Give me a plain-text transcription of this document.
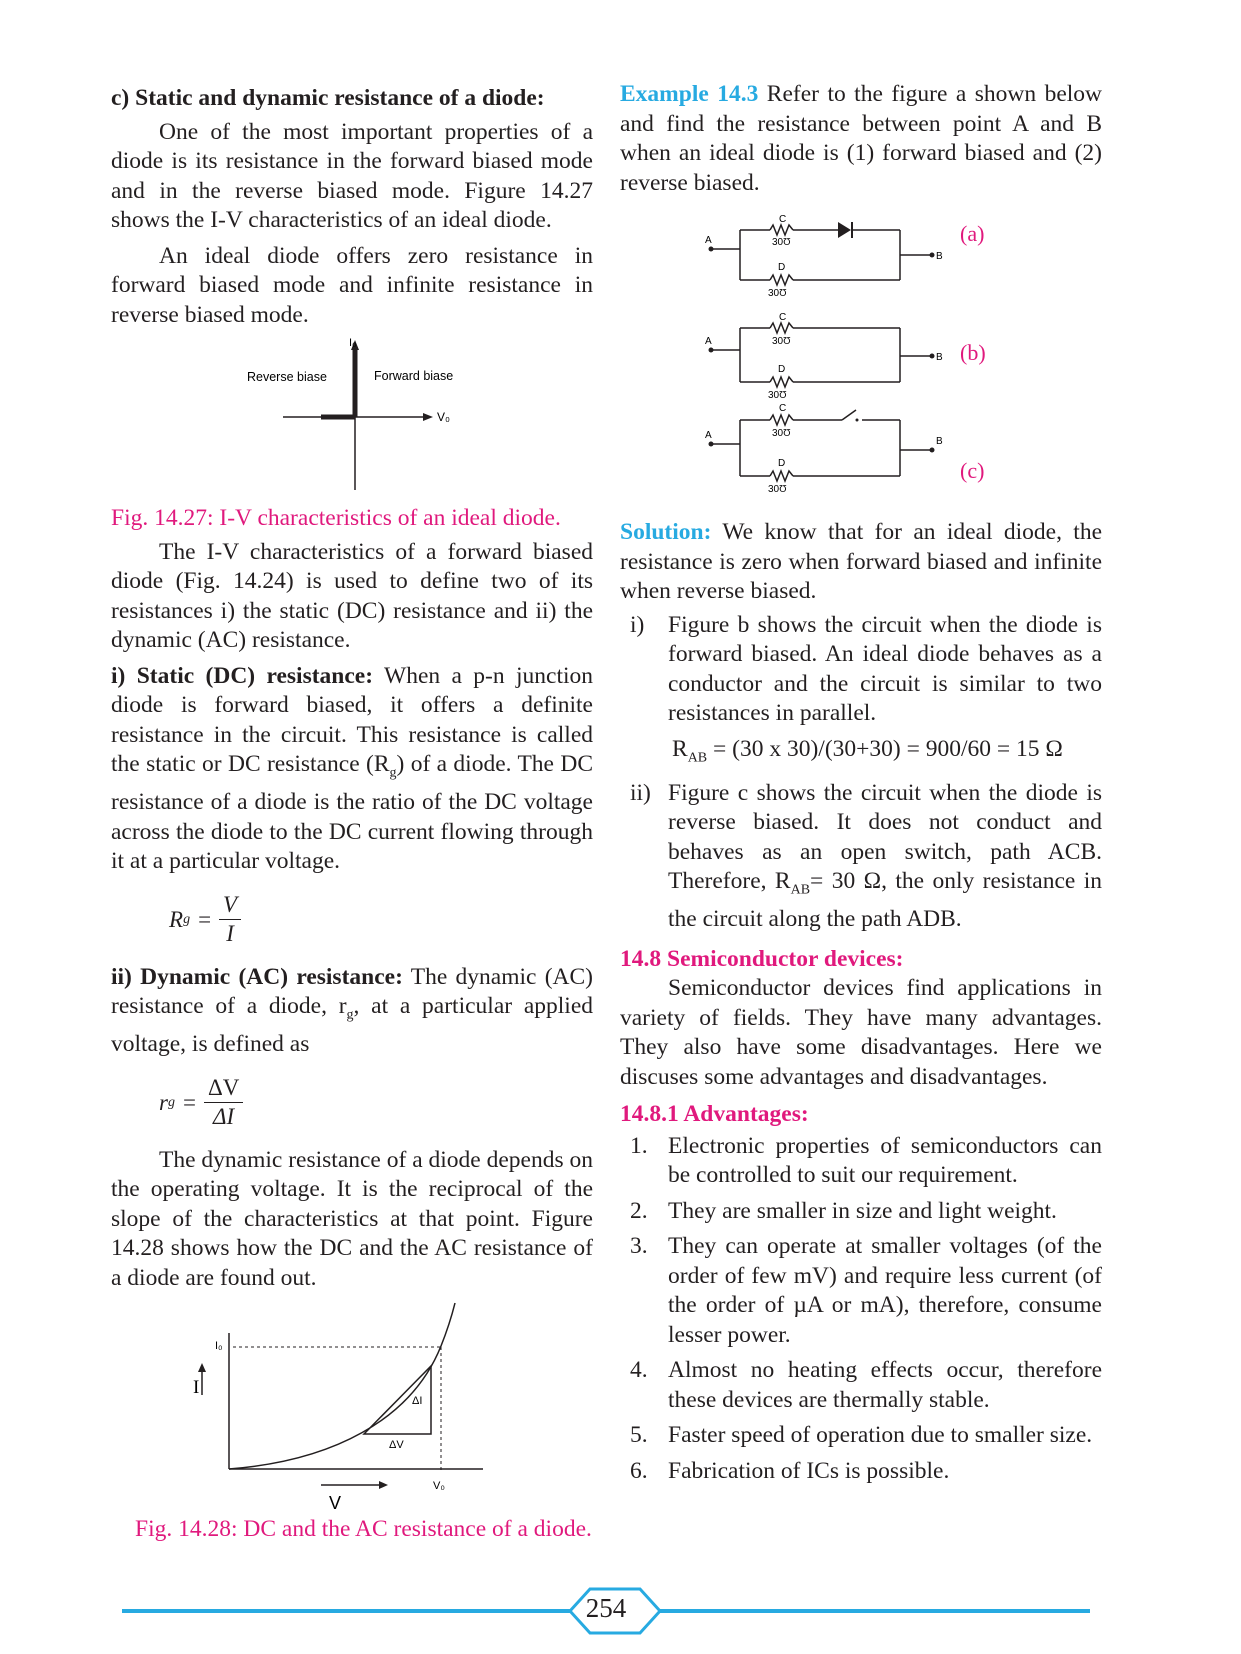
c) Static and dynamic resistance of a diode:

One of the most important properties of a diode is its resistance in the forward biased mode and in the reverse biased mode. Figure 14.27 shows the I-V characteristics of an ideal diode.

An ideal diode offers zero resistance in forward biased mode and infinite resistance in reverse biased mode.

I₀
V₀
Reverse biase	Forward biase

Fig. 14.27: I-V characteristics of an ideal diode.

The I-V characteristics of a forward biased diode (Fig. 14.24) is used to define two of its resistances i) the static (DC) resistance and ii) the dynamic (AC) resistance.

i) Static (DC) resistance: When a p-n junction diode is forward biased, it offers a definite resistance in the circuit. This resistance is called the static or DC resistance $(R_g)$ of a diode. The DC resistance of a diode is the ratio of the DC voltage across the diode to the DC current flowing through it at a particular voltage.

R $g = \frac{V}{I}$

ii) Dynamic (AC) resistance: The dynamic (AC) resistance of a diode, $r_g$, at a particular applied voltage, is defined as

r $g = \frac{\Delta V}{\Delta I}$

The dynamic resistance of a diode depends on the operating voltage. It is the reciprocal of the slope of the characteristics at that point. Figure 14.28 shows how the DC and the AC resistance of a diode are found out.

I₀
I
ΔI
ΔV
V₀
V

Fig. 14.28: DC and the AC resistance of a diode.

Example 14.3 Refer to the figure a shown below and find the resistance between point A and B when an ideal diode is (1) forward biased and (2) reverse biased.

A
B
C
30Ʊ
D
30Ʊ
(a)
A
B
C
30Ʊ
D
30Ʊ
(b)
A
B
C
30Ʊ
D
30Ʊ
(c)

Solution: We know that for an ideal diode, the resistance is zero when forward biased and infinite when reverse biased.

i) Figure b shows the circuit when the diode is forward biased. An ideal diode behaves as a conductor and the circuit is similar to two resistances in parallel.

$R_{AB} = (30$ x 30)/(30+30) = 900/60 = 15 Ω

ii) Figure c shows the circuit when the diode is reverse biased. It does not conduct and behaves as an open switch, path ACB. Therefore, $R_{AB}= 30$ Ω, the only resistance in the circuit along the path ADB.

14.8 Semiconductor devices:

Semiconductor devices find applications in variety of fields. They have many advantages. They also have some disadvantages. Here we discuses some advantages and disadvantages.

14.8.1 Advantages:

1. Electronic properties of semiconductors can be controlled to suit our requirement.
2. They are smaller in size and light weight.
3. They can operate at smaller voltages (of the order of few mV) and require less current (of the order of µA or mA), therefore, consume lesser power.
4. Almost no heating effects occur, therefore these devices are thermally stable.
5. Faster speed of operation due to smaller size.
6. Fabrication of ICs is possible.
254
